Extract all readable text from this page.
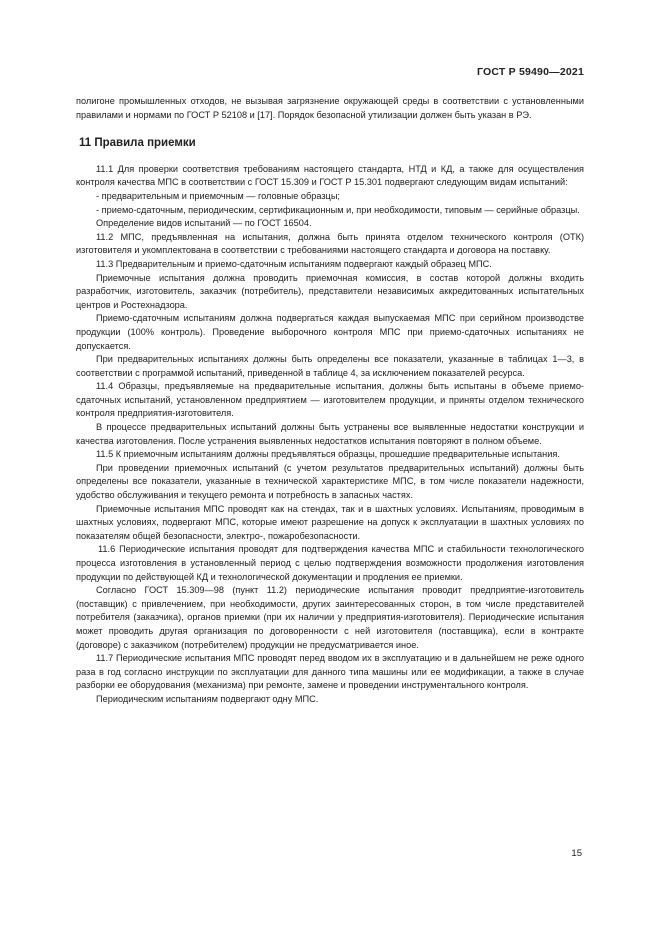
ГОСТ Р 59490—2021

полигоне промышленных отходов, не вызывая загрязнение окружающей среды в соответствии с установленными правилами и нормами по ГОСТ Р 52108 и [17]. Порядок безопасной утилизации должен быть указан в РЭ.

11 Правила приемки

11.1 Для проверки соответствия требованиям настоящего стандарта, НТД и КД, а также для осуществления контроля качества МПС в соответствии с ГОСТ 15.309 и ГОСТ Р 15.301 подвергают следующим видам испытаний:

- предварительным и приемочным — головные образцы;

- приемо-сдаточным, периодическим, сертификационным и, при необходимости, типовым — серийные образцы.

Определение видов испытаний — по ГОСТ 16504.

11.2 МПС, предъявленная на испытания, должна быть принята отделом технического контроля (ОТК) изготовителя и укомплектована в соответствии с требованиями настоящего стандарта и договора на поставку.

11.3 Предварительным и приемо-сдаточным испытаниям подвергают каждый образец МПС.

Приемочные испытания должна проводить приемочная комиссия, в состав которой должны входить разработчик, изготовитель, заказчик (потребитель), представители независимых аккредитованных испытательных центров и Ростехнадзора.

Приемо-сдаточным испытаниям должна подвергаться каждая выпускаемая МПС при серийном производстве продукции (100% контроль). Проведение выборочного контроля МПС при приемо-сдаточных испытаниях не допускается.

При предварительных испытаниях должны быть определены все показатели, указанные в таблицах 1—3, в соответствии с программой испытаний, приведенной в таблице 4, за исключением показателей ресурса.

11.4 Образцы, предъявляемые на предварительные испытания, должны быть испытаны в объеме приемо-сдаточных испытаний, установленном предприятием — изготовителем продукции, и приняты отделом технического контроля предприятия-изготовителя.

В процессе предварительных испытаний должны быть устранены все выявленные недостатки конструкции и качества изготовления. После устранения выявленных недостатков испытания повторяют в полном объеме.

11.5 К приемочным испытаниям должны предъявляться образцы, прошедшие предварительные испытания.

При проведении приемочных испытаний (с учетом результатов предварительных испытаний) должны быть определены все показатели, указанные в технической характеристике МПС, в том числе показатели надежности, удобство обслуживания и текущего ремонта и потребность в запасных частях.

Приемочные испытания МПС проводят как на стендах, так и в шахтных условиях. Испытаниям, проводимым в шахтных условиях, подвергают МПС, которые имеют разрешение на допуск к эксплуатации в шахтных условиях по показателям общей безопасности, электро-, пожаробезопасности.

11.6 Периодические испытания проводят для подтверждения качества МПС и стабильности технологического процесса изготовления в установленный период с целью подтверждения возможности продолжения изготовления продукции по действующей КД и технологической документации и продления ее приемки.

Согласно ГОСТ 15.309—98 (пункт 11.2) периодические испытания проводит предприятие-изготовитель (поставщик) с привлечением, при необходимости, других заинтересованных сторон, в том числе представителей потребителя (заказчика), органов приемки (при их наличии у предприятия-изготовителя). Периодические испытания может проводить другая организация по договоренности с ней изготовителя (поставщика), если в контракте (договоре) с заказчиком (потребителем) продукции не предусматривается иное.

11.7 Периодические испытания МПС проводят перед вводом их в эксплуатацию и в дальнейшем не реже одного раза в год согласно инструкции по эксплуатации для данного типа машины или ее модификации, а также в случае разборки ее оборудования (механизма) при ремонте, замене и проведении инструментального контроля.

Периодическим испытаниям подвергают одну МПС.

15
